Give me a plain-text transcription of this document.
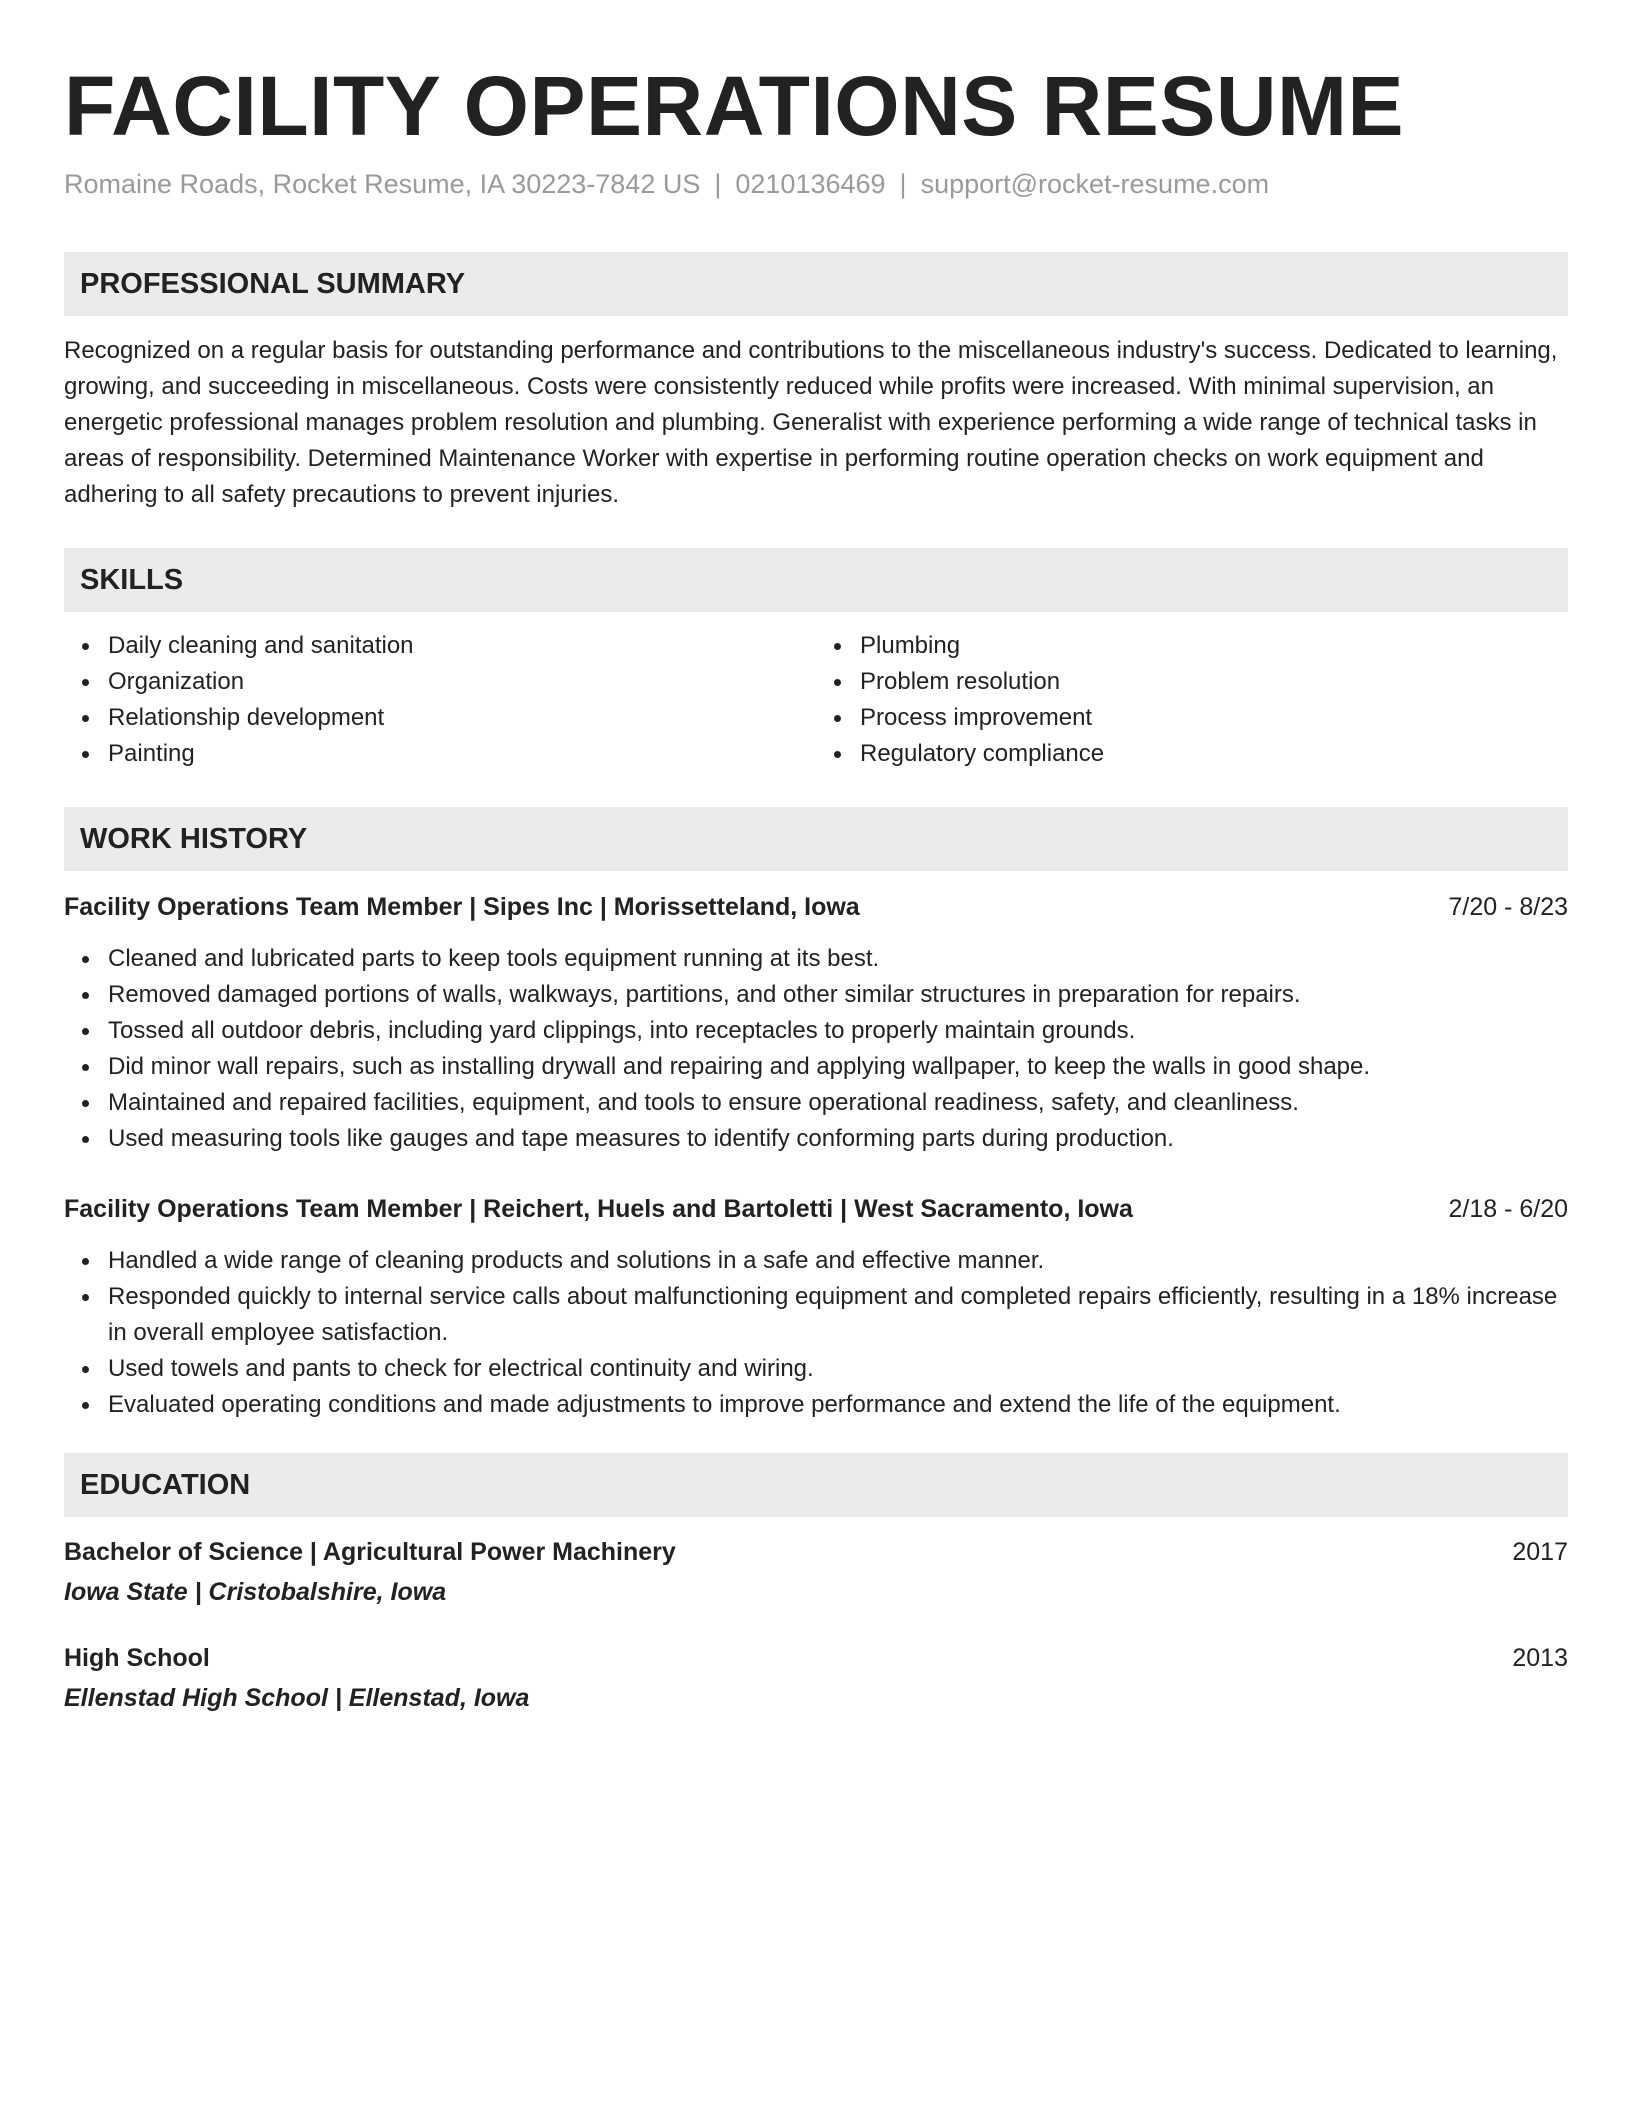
FACILITY OPERATIONS RESUME
Romaine Roads, Rocket Resume, IA 30223-7842 US | 0210136469 | support@rocket-resume.com
PROFESSIONAL SUMMARY
Recognized on a regular basis for outstanding performance and contributions to the miscellaneous industry's success. Dedicated to learning, growing, and succeeding in miscellaneous. Costs were consistently reduced while profits were increased. With minimal supervision, an energetic professional manages problem resolution and plumbing. Generalist with experience performing a wide range of technical tasks in areas of responsibility. Determined Maintenance Worker with expertise in performing routine operation checks on work equipment and adhering to all safety precautions to prevent injuries.
SKILLS
Daily cleaning and sanitation
Organization
Relationship development
Painting
Plumbing
Problem resolution
Process improvement
Regulatory compliance
WORK HISTORY
Facility Operations Team Member | Sipes Inc | Morissetteland, Iowa	7/20 - 8/23
Cleaned and lubricated parts to keep tools equipment running at its best.
Removed damaged portions of walls, walkways, partitions, and other similar structures in preparation for repairs.
Tossed all outdoor debris, including yard clippings, into receptacles to properly maintain grounds.
Did minor wall repairs, such as installing drywall and repairing and applying wallpaper, to keep the walls in good shape.
Maintained and repaired facilities, equipment, and tools to ensure operational readiness, safety, and cleanliness.
Used measuring tools like gauges and tape measures to identify conforming parts during production.
Facility Operations Team Member | Reichert, Huels and Bartoletti | West Sacramento, Iowa	2/18 - 6/20
Handled a wide range of cleaning products and solutions in a safe and effective manner.
Responded quickly to internal service calls about malfunctioning equipment and completed repairs efficiently, resulting in a 18% increase in overall employee satisfaction.
Used towels and pants to check for electrical continuity and wiring.
Evaluated operating conditions and made adjustments to improve performance and extend the life of the equipment.
EDUCATION
Bachelor of Science | Agricultural Power Machinery	2017
Iowa State | Cristobalshire, Iowa
High School	2013
Ellenstad High School | Ellenstad, Iowa
